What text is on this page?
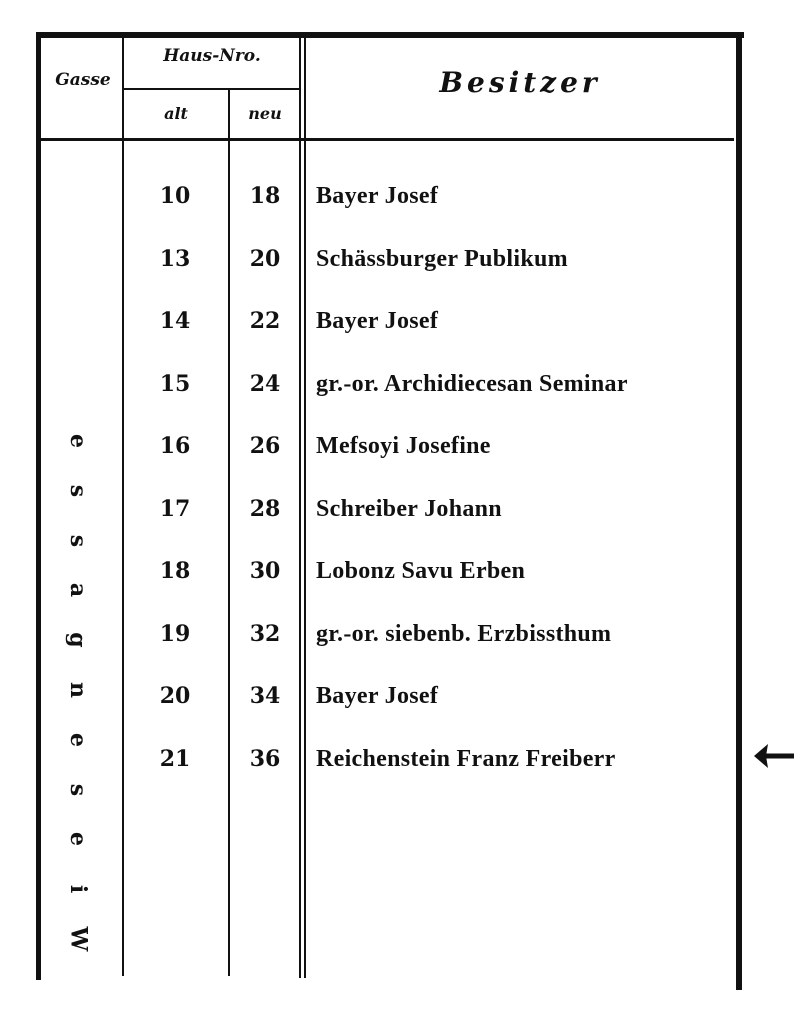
Gasse
Haus-Nro.
alt	neu
Besitzer
e
s
s
a
g
n
e
s
e
i
W
10	18	Bayer Josef
13	20	Schässburger Publikum
14	22	Bayer Josef
15	24	gr.-or. Archidiecesan Seminar
16	26	Mefsoyi Josefine
17	28	Schreiber Johann
18	30	Lobonz Savu Erben
19	32	gr.-or. siebenb. Erzbissthum
20	34	Bayer Josef
21	36	Reichenstein Franz Freiberr
